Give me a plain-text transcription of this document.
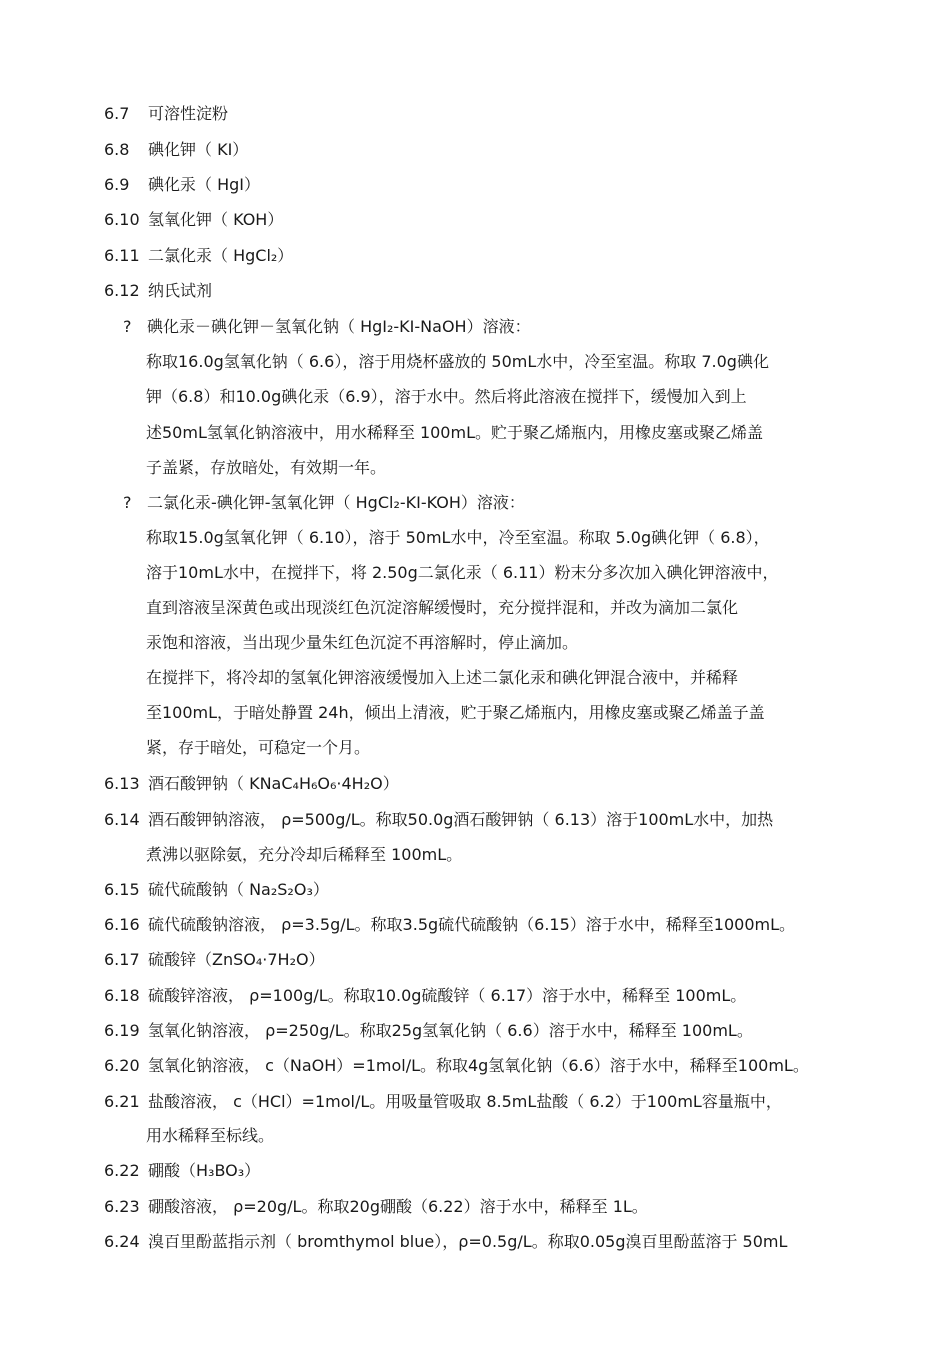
6.7 可溶性淀粉
6.8 碘化钾（ KI）
6.9 碘化汞（ HgI）
6.10 氢氧化钾（ KOH）
6.11 二氯化汞（ HgCl₂）
6.12 纳氏试剂
? 碘化汞－碘化钾－氢氧化钠（ HgI₂-KI-NaOH）溶液：
称取16.0g氢氧化钠（ 6.6），溶于用烧杯盛放的 50mL水中，冷至室温。称取 7.0g碘化
钾（6.8）和10.0g碘化汞（6.9），溶于水中。然后将此溶液在搅拌下，缓慢加入到上
述50mL氢氧化钠溶液中，用水稀释至 100mL。贮于聚乙烯瓶内，用橡皮塞或聚乙烯盖
子盖紧，存放暗处，有效期一年。
? 二氯化汞-碘化钾-氢氧化钾（ HgCl₂-KI-KOH）溶液：
称取15.0g氢氧化钾（ 6.10），溶于 50mL水中，冷至室温。称取 5.0g碘化钾（ 6.8），
溶于10mL水中，在搅拌下，将 2.50g二氯化汞（ 6.11）粉末分多次加入碘化钾溶液中，
直到溶液呈深黄色或出现淡红色沉淀溶解缓慢时，充分搅拌混和，并改为滴加二氯化
汞饱和溶液，当出现少量朱红色沉淀不再溶解时，停止滴加。
在搅拌下，将冷却的氢氧化钾溶液缓慢加入上述二氯化汞和碘化钾混合液中，并稀释
至100mL，于暗处静置 24h，倾出上清液，贮于聚乙烯瓶内，用橡皮塞或聚乙烯盖子盖
紧，存于暗处，可稳定一个月。
6.13 酒石酸钾钠（ KNaC₄H₆O₆·4H₂O）
6.14 酒石酸钾钠溶液， ρ=500g/L。称取50.0g酒石酸钾钠（ 6.13）溶于100mL水中，加热
煮沸以驱除氨，充分冷却后稀释至 100mL。
6.15 硫代硫酸钠（ Na₂S₂O₃）
6.16 硫代硫酸钠溶液， ρ=3.5g/L。称取3.5g硫代硫酸钠（6.15）溶于水中，稀释至1000mL。
6.17 硫酸锌（ZnSO₄·7H₂O）
6.18 硫酸锌溶液， ρ=100g/L。称取10.0g硫酸锌（ 6.17）溶于水中，稀释至 100mL。
6.19 氢氧化钠溶液， ρ=250g/L。称取25g氢氧化钠（ 6.6）溶于水中，稀释至 100mL。
6.20 氢氧化钠溶液， c（NaOH）=1mol/L。称取4g氢氧化钠（6.6）溶于水中，稀释至100mL。
6.21 盐酸溶液， c（HCl）=1mol/L。用吸量管吸取 8.5mL盐酸（ 6.2）于100mL容量瓶中，
用水稀释至标线。
6.22 硼酸（H₃BO₃）
6.23 硼酸溶液， ρ=20g/L。称取20g硼酸（6.22）溶于水中，稀释至 1L。
6.24 溴百里酚蓝指示剂（ bromthymol blue），ρ=0.5g/L。称取0.05g溴百里酚蓝溶于 50mL
